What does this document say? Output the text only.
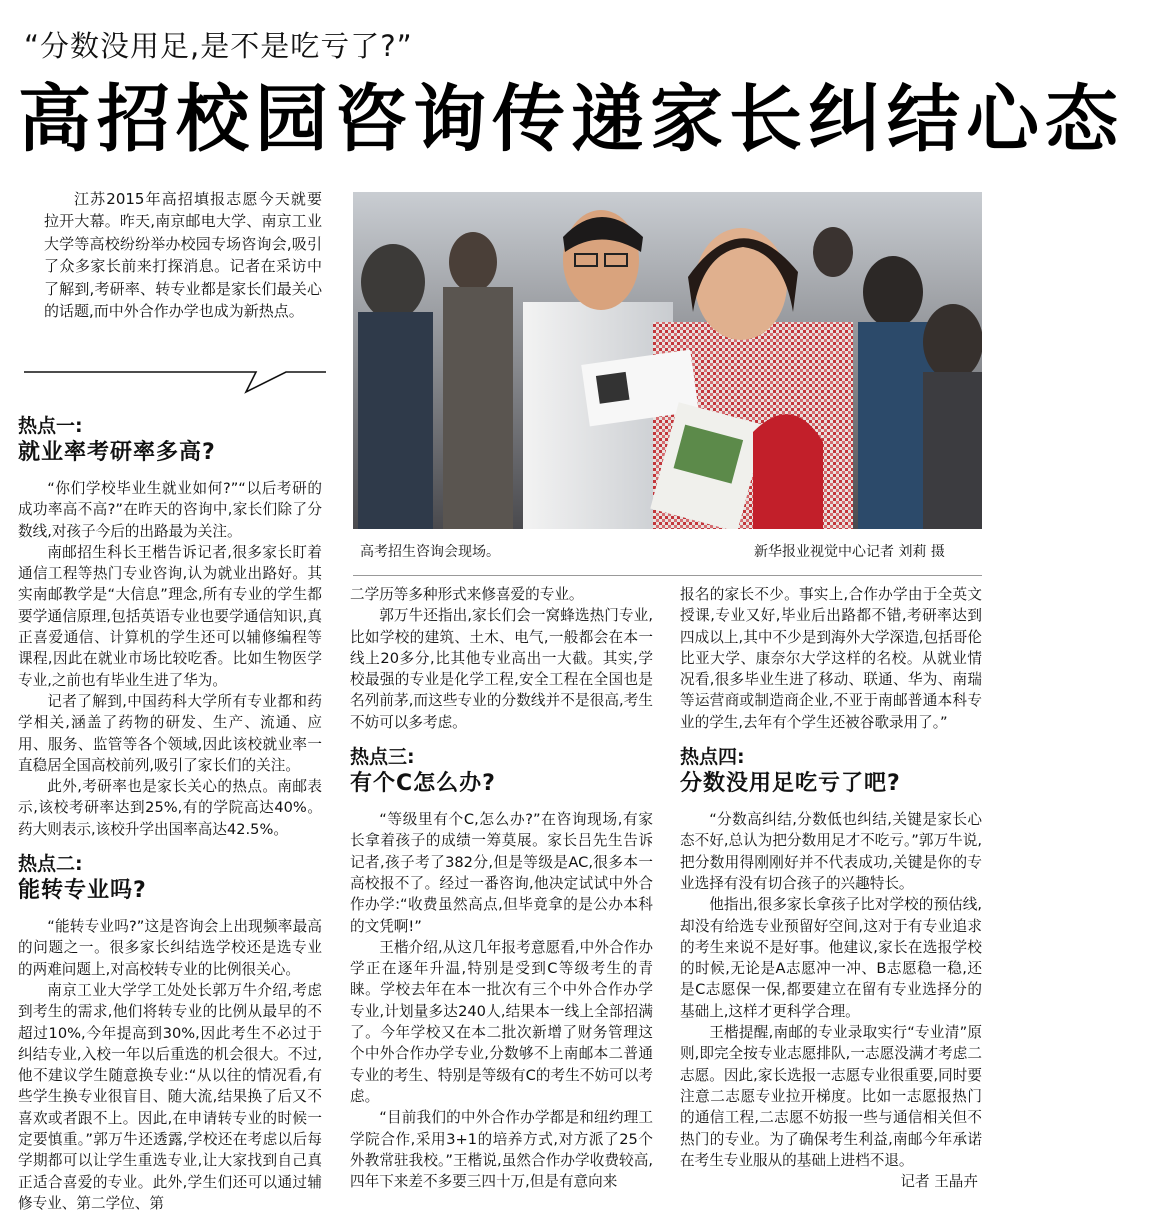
“分数没用足,是不是吃亏了?”
高招校园咨询传递家长纠结心态
江苏2015年高招填报志愿今天就要拉开大幕。昨天,南京邮电大学、南京工业大学等高校纷纷举办校园专场咨询会,吸引了众多家长前来打探消息。记者在采访中了解到,考研率、转专业都是家长们最关心的话题,而中外合作办学也成为新热点。
热点一:
就业率考研率多高?

“你们学校毕业生就业如何?”“以后考研的成功率高不高?”在昨天的咨询中,家长们除了分数线,对孩子今后的出路最为关注。

南邮招生科长王楷告诉记者,很多家长盯着通信工程等热门专业咨询,认为就业出路好。其实南邮教学是“大信息”理念,所有专业的学生都要学通信原理,包括英语专业也要学通信知识,真正喜爱通信、计算机的学生还可以辅修编程等课程,因此在就业市场比较吃香。比如生物医学专业,之前也有毕业生进了华为。

记者了解到,中国药科大学所有专业都和药学相关,涵盖了药物的研发、生产、流通、应用、服务、监管等各个领域,因此该校就业率一直稳居全国高校前列,吸引了家长们的关注。

此外,考研率也是家长关心的热点。南邮表示,该校考研率达到25%,有的学院高达40%。药大则表示,该校升学出国率高达42.5%。

热点二:
能转专业吗?

“能转专业吗?”这是咨询会上出现频率最高的问题之一。很多家长纠结选学校还是选专业的两难问题上,对高校转专业的比例很关心。

南京工业大学学工处处长郭万牛介绍,考虑到考生的需求,他们将转专业的比例从最早的不超过10%,今年提高到30%,因此考生不必过于纠结专业,入校一年以后重选的机会很大。不过,他不建议学生随意换专业:“从以往的情况看,有些学生换专业很盲目、随大流,结果换了后又不喜欢或者跟不上。因此,在申请转专业的时候一定要慎重。”郭万牛还透露,学校还在考虑以后每学期都可以让学生重选专业,让大家找到自己真正适合喜爱的专业。此外,学生们还可以通过辅修专业、第二学位、第

高考招生咨询会现场。	新华报业视觉中心记者 刘莉 摄

二学历等多种形式来修喜爱的专业。

郭万牛还指出,家长们会一窝蜂选热门专业,比如学校的建筑、土木、电气,一般都会在本一线上20多分,比其他专业高出一大截。其实,学校最强的专业是化学工程,安全工程在全国也是名列前茅,而这些专业的分数线并不是很高,考生不妨可以多考虑。

热点三:
有个C怎么办?

“等级里有个C,怎么办?”在咨询现场,有家长拿着孩子的成绩一筹莫展。家长吕先生告诉记者,孩子考了382分,但是等级是AC,很多本一高校报不了。经过一番咨询,他决定试试中外合作办学:“收费虽然高点,但毕竟拿的是公办本科的文凭啊!”

王楷介绍,从这几年报考意愿看,中外合作办学正在逐年升温,特别是受到C等级考生的青睐。学校去年在本一批次有三个中外合作办学专业,计划量多达240人,结果本一线上全部招满了。今年学校又在本二批次新增了财务管理这个中外合作办学专业,分数够不上南邮本二普通专业的考生、特别是等级有C的考生不妨可以考虑。

“目前我们的中外合作办学都是和纽约理工学院合作,采用3+1的培养方式,对方派了25个外教常驻我校。”王楷说,虽然合作办学收费较高,四年下来差不多要三四十万,但是有意向来

报名的家长不少。事实上,合作办学由于全英文授课,专业又好,毕业后出路都不错,考研率达到四成以上,其中不少是到海外大学深造,包括哥伦比亚大学、康奈尔大学这样的名校。从就业情况看,很多毕业生进了移动、联通、华为、南瑞等运营商或制造商企业,不亚于南邮普通本科专业的学生,去年有个学生还被谷歌录用了。”

热点四:
分数没用足吃亏了吧?

“分数高纠结,分数低也纠结,关键是家长心态不好,总认为把分数用足才不吃亏。”郭万牛说,把分数用得刚刚好并不代表成功,关键是你的专业选择有没有切合孩子的兴趣特长。

他指出,很多家长拿孩子比对学校的预估线,却没有给选专业预留好空间,这对于有专业追求的考生来说不是好事。他建议,家长在选报学校的时候,无论是A志愿冲一冲、B志愿稳一稳,还是C志愿保一保,都要建立在留有专业选择分的基础上,这样才更科学合理。

王楷提醒,南邮的专业录取实行“专业清”原则,即完全按专业志愿排队,一志愿没满才考虑二志愿。因此,家长选报一志愿专业很重要,同时要注意二志愿专业拉开梯度。比如一志愿报热门的通信工程,二志愿不妨报一些与通信相关但不热门的专业。为了确保考生利益,南邮今年承诺在考生专业服从的基础上进档不退。

记者 王晶卉
